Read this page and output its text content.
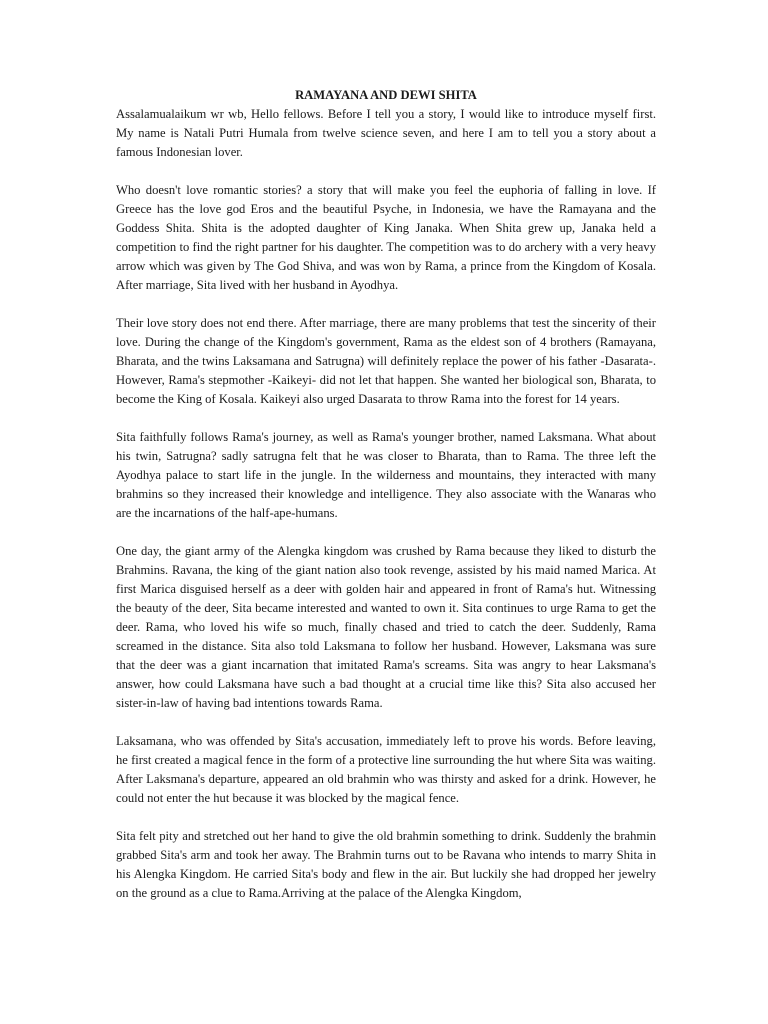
RAMAYANA AND DEWI SHITA

Assalamualaikum wr wb, Hello fellows. Before I tell you a story, I would like to introduce myself first. My name is Natali Putri Humala from twelve science seven, and here I am to tell you a story about a famous Indonesian lover.

Who doesn't love romantic stories? a story that will make you feel the euphoria of falling in love. If Greece has the love god Eros and the beautiful Psyche, in Indonesia, we have the Ramayana and the Goddess Shita. Shita is the adopted daughter of King Janaka. When Shita grew up, Janaka held a competition to find the right partner for his daughter. The competition was to do archery with a very heavy arrow which was given by The God Shiva, and was won by Rama, a prince from the Kingdom of Kosala. After marriage, Sita lived with her husband in Ayodhya.

Their love story does not end there. After marriage, there are many problems that test the sincerity of their love. During the change of the Kingdom's government, Rama as the eldest son of 4 brothers (Ramayana, Bharata, and the twins Laksamana and Satrugna) will definitely replace the power of his father -Dasarata-. However, Rama's stepmother -Kaikeyi- did not let that happen. She wanted her biological son, Bharata, to become the King of Kosala. Kaikeyi also urged Dasarata to throw Rama into the forest for 14 years.

Sita faithfully follows Rama's journey, as well as Rama's younger brother, named Laksmana. What about his twin, Satrugna? sadly satrugna felt that he was closer to Bharata, than to Rama. The three left the Ayodhya palace to start life in the jungle. In the wilderness and mountains, they interacted with many brahmins so they increased their knowledge and intelligence. They also associate with the Wanaras who are the incarnations of the half-ape-humans.

One day, the giant army of the Alengka kingdom was crushed by Rama because they liked to disturb the Brahmins. Ravana, the king of the giant nation also took revenge, assisted by his maid named Marica. At first Marica disguised herself as a deer with golden hair and appeared in front of Rama's hut. Witnessing the beauty of the deer, Sita became interested and wanted to own it. Sita continues to urge Rama to get the deer. Rama, who loved his wife so much, finally chased and tried to catch the deer. Suddenly, Rama screamed in the distance. Sita also told Laksmana to follow her husband. However, Laksmana was sure that the deer was a giant incarnation that imitated Rama's screams. Sita was angry to hear Laksmana's answer, how could Laksmana have such a bad thought at a crucial time like this? Sita also accused her sister-in-law of having bad intentions towards Rama.

Laksamana, who was offended by Sita's accusation, immediately left to prove his words. Before leaving, he first created a magical fence in the form of a protective line surrounding the hut where Sita was waiting. After Laksmana's departure, appeared an old brahmin who was thirsty and asked for a drink. However, he could not enter the hut because it was blocked by the magical fence.

Sita felt pity and stretched out her hand to give the old brahmin something to drink. Suddenly the brahmin grabbed Sita's arm and took her away. The Brahmin turns out to be Ravana who intends to marry Shita in his Alengka Kingdom. He carried Sita's body and flew in the air. But luckily she had dropped her jewelry on the ground as a clue to Rama.Arriving at the palace of the Alengka Kingdom,
